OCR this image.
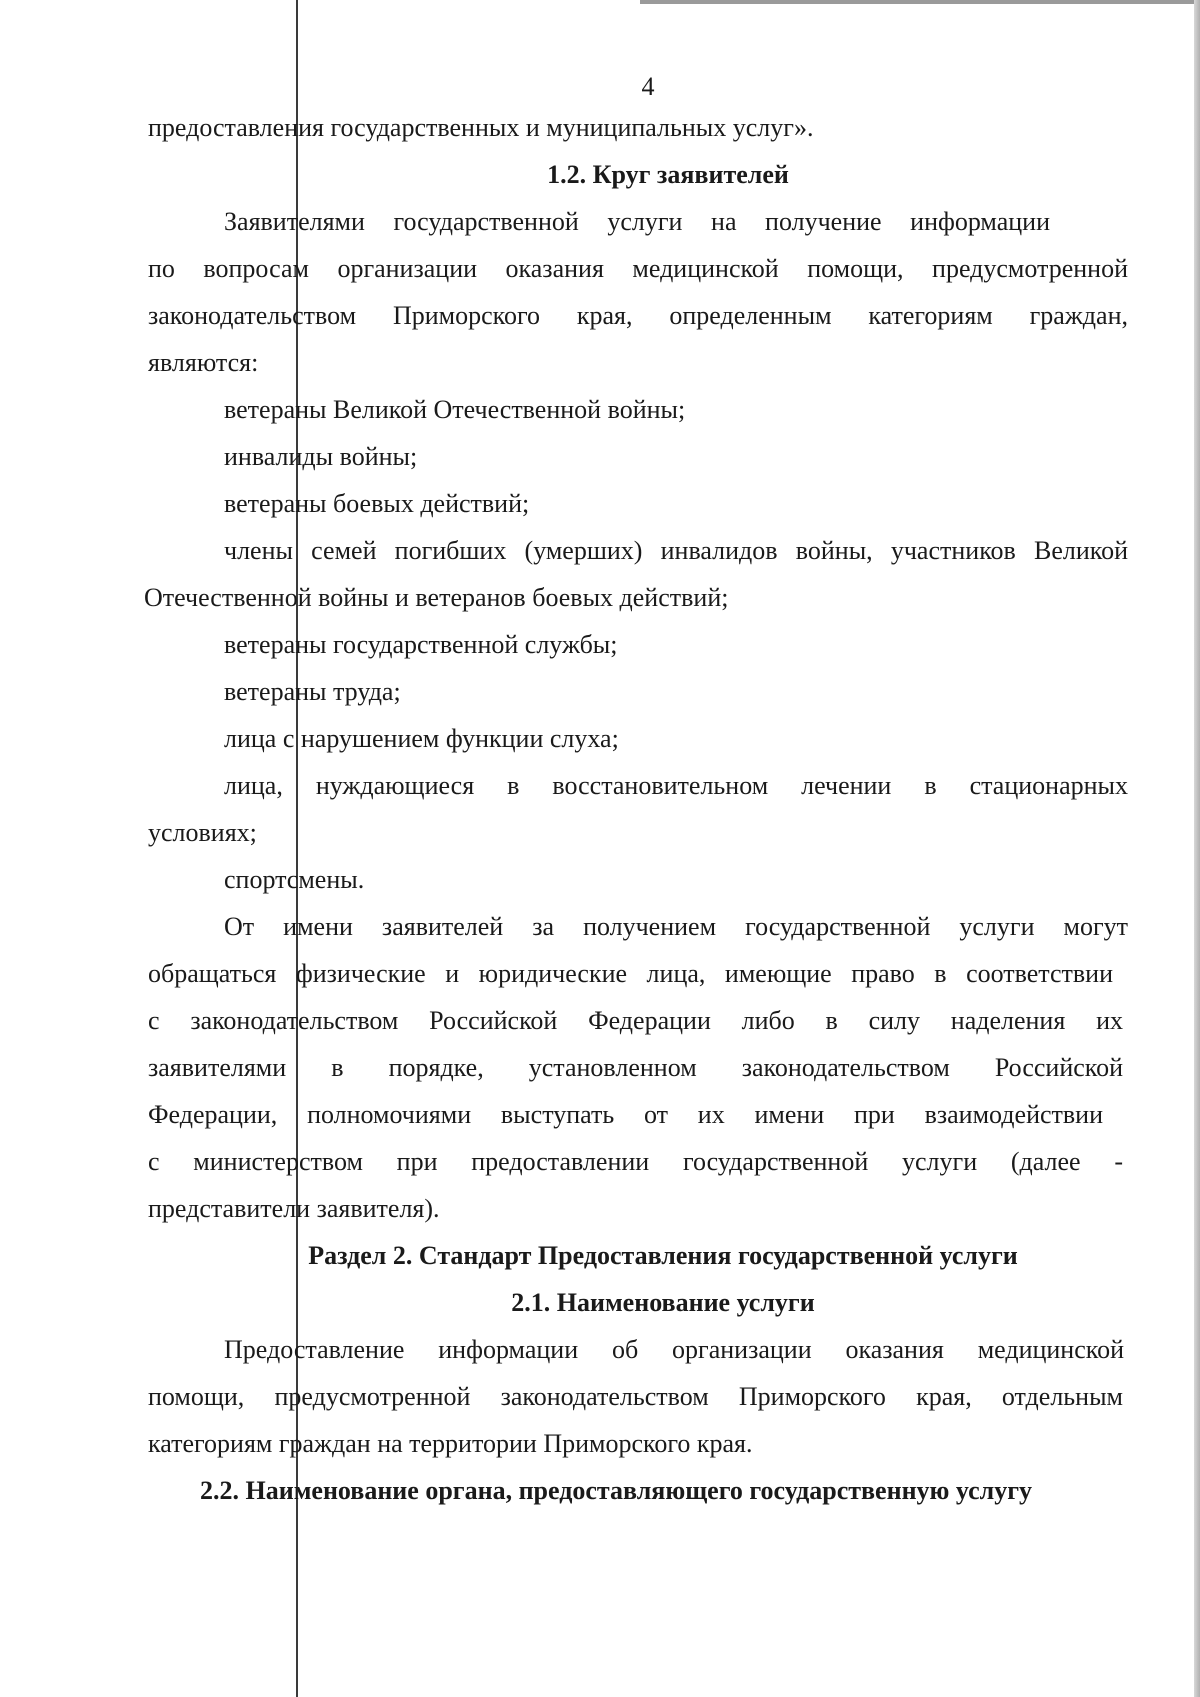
4
предоставления государственных и муниципальных услуг».
1.2. Круг заявителей
Заявителями государственной услуги на получение информации
по вопросам организации оказания медицинской помощи, предусмотренной
законодательством Приморского края, определенным категориям граждан,
являются:
ветераны Великой Отечественной войны;
инвалиды войны;
ветераны боевых действий;
члены семей погибших (умерших) инвалидов войны, участников Великой
Отечественной войны и ветеранов боевых действий;
ветераны государственной службы;
ветераны труда;
лица с нарушением функции слуха;
лица, нуждающиеся в восстановительном лечении в стационарных
условиях;
спортсмены.
От имени заявителей за получением государственной услуги могут
обращаться физические и юридические лица, имеющие право в соответствии
с законодательством Российской Федерации либо в силу наделения их
заявителями в порядке, установленном законодательством Российской
Федерации, полномочиями выступать от их имени при взаимодействии
с министерством при предоставлении государственной услуги (далее -
представители заявителя).
Раздел 2. Стандарт Предоставления государственной услуги
2.1. Наименование услуги
Предоставление информации об организации оказания медицинской
помощи, предусмотренной законодательством Приморского края, отдельным
категориям граждан на территории Приморского края.
2.2. Наименование органа, предоставляющего государственную услугу
